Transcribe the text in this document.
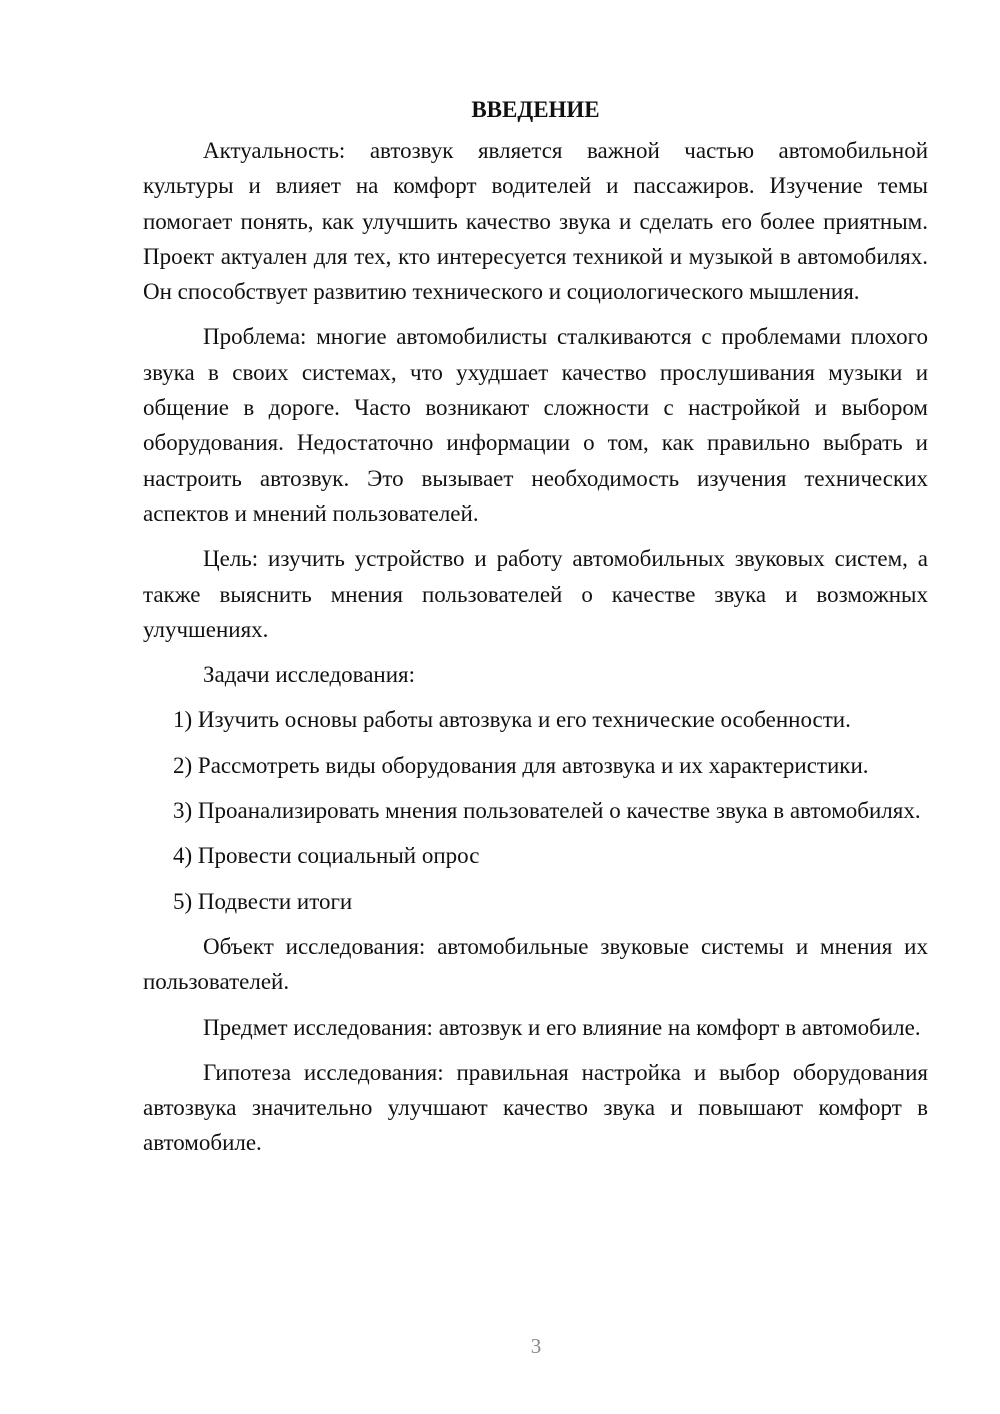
ВВЕДЕНИЕ

Актуальность: автозвук является важной частью автомобильной культуры и влияет на комфорт водителей и пассажиров. Изучение темы помогает понять, как улучшить качество звука и сделать его более приятным. Проект актуален для тех, кто интересуется техникой и музыкой в автомобилях. Он способствует развитию технического и социологического мышления.

Проблема: многие автомобилисты сталкиваются с проблемами плохого звука в своих системах, что ухудшает качество прослушивания музыки и общение в дороге. Часто возникают сложности с настройкой и выбором оборудования. Недостаточно информации о том, как правильно выбрать и настроить автозвук. Это вызывает необходимость изучения технических аспектов и мнений пользователей.

Цель: изучить устройство и работу автомобильных звуковых систем, а также выяснить мнения пользователей о качестве звука и возможных улучшениях.

Задачи исследования:

1) Изучить основы работы автозвука и его технические особенности.

2) Рассмотреть виды оборудования для автозвука и их характеристики.

3) Проанализировать мнения пользователей о качестве звука в автомобилях.

4) Провести социальный опрос

5) Подвести итоги

Объект исследования: автомобильные звуковые системы и мнения их пользователей.

Предмет исследования: автозвук и его влияние на комфорт в автомобиле.

Гипотеза исследования: правильная настройка и выбор оборудования автозвука значительно улучшают качество звука и повышают комфорт в автомобиле.

3
